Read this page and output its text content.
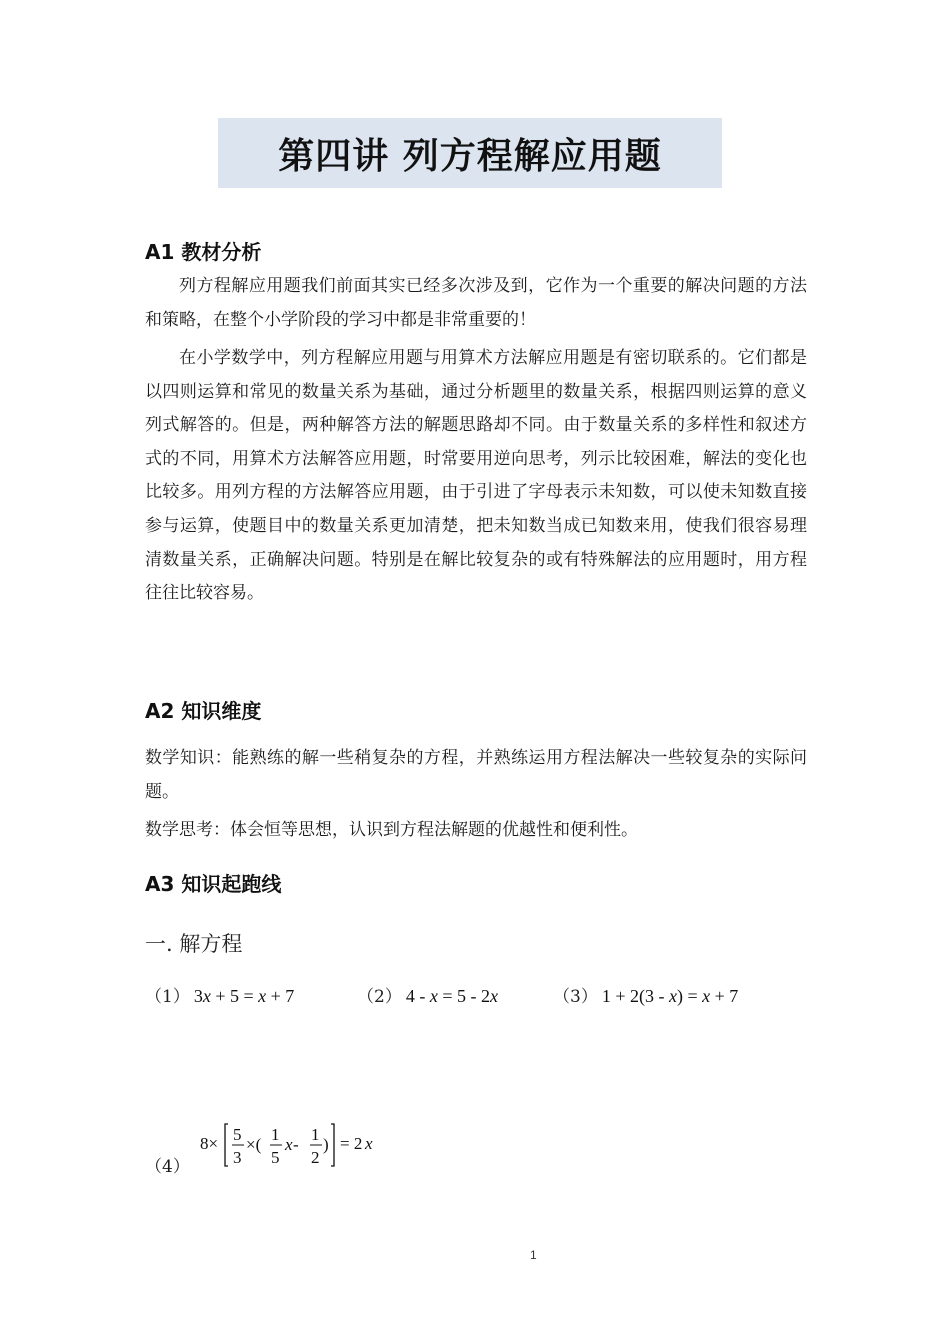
第四讲 列方程解应用题
A1 教材分析

列方程解应用题我们前面其实已经多次涉及到，它作为一个重要的解决问题的方法和策略，在整个小学阶段的学习中都是非常重要的！

在小学数学中，列方程解应用题与用算术方法解应用题是有密切联系的。它们都是以四则运算和常见的数量关系为基础，通过分析题里的数量关系，根据四则运算的意义列式解答的。但是，两种解答方法的解题思路却不同。由于数量关系的多样性和叙述方式的不同，用算术方法解答应用题，时常要用逆向思考，列示比较困难，解法的变化也比较多。用列方程的方法解答应用题，由于引进了字母表示未知数，可以使未知数直接参与运算，使题目中的数量关系更加清楚，把未知数当成已知数来用，使我们很容易理清数量关系，正确解决问题。特别是在解比较复杂的或有特殊解法的应用题时，用方程往往比较容易。

A2 知识维度

数学知识：能熟练的解一些稍复杂的方程，并熟练运用方程法解决一些较复杂的实际问题。

数学思考：体会恒等思想，认识到方程法解题的优越性和便利性。

A3 知识起跑线
一. 解方程
（1） 3x + 5 = x + 7	（2） 4 - x = 5 - 2x	（3） 1 + 2(3 - x) = x + 7
（4）
8× 5
3
×(
1
5
x -
1
2
) = 2 x
1
